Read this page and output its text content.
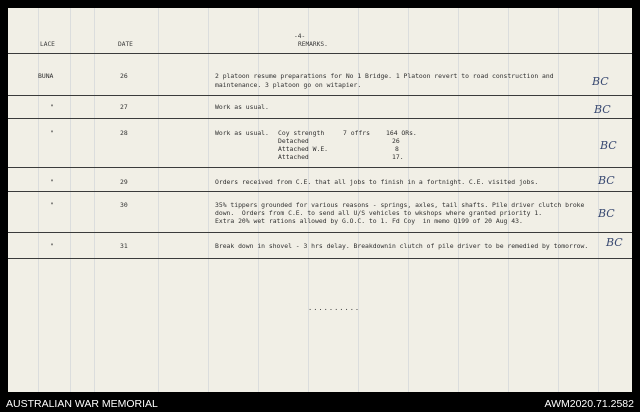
-4-
LACE	DATE	REMARKS.
BUNA	26	2 platoon resume preparations for No 1 Bridge. 1 Platoon revert to road construction and
maintenance. 3 platoon go on witapier.	BC
"	27	Work as usual.	BC
"	28	Work as usual. Coy strength	7 offrs	164 ORs.
Detached	26
Attached W.E.	8
Attached	17.
BC
"	29	Orders received from C.E. that all jobs to finish in a fortnight. C.E. visited jobs.	BC
"	30	35% tippers grounded for various reasons - springs, axles, tail shafts. Pile driver clutch broke
down.  Orders from C.E. to send all U/S vehicles to wkshops where granted priority 1.
Extra 20% wet rations allowed by G.O.C. to 1. Fd Coy  in memo Q199 of 20 Aug 43.
BC
"	31	Break down in shovel - 3 hrs delay. Breakdownin clutch of pile driver to be remedied by tomorrow. BC
..........
AUSTRALIAN WAR MEMORIAL	AWM2020.71.2582
